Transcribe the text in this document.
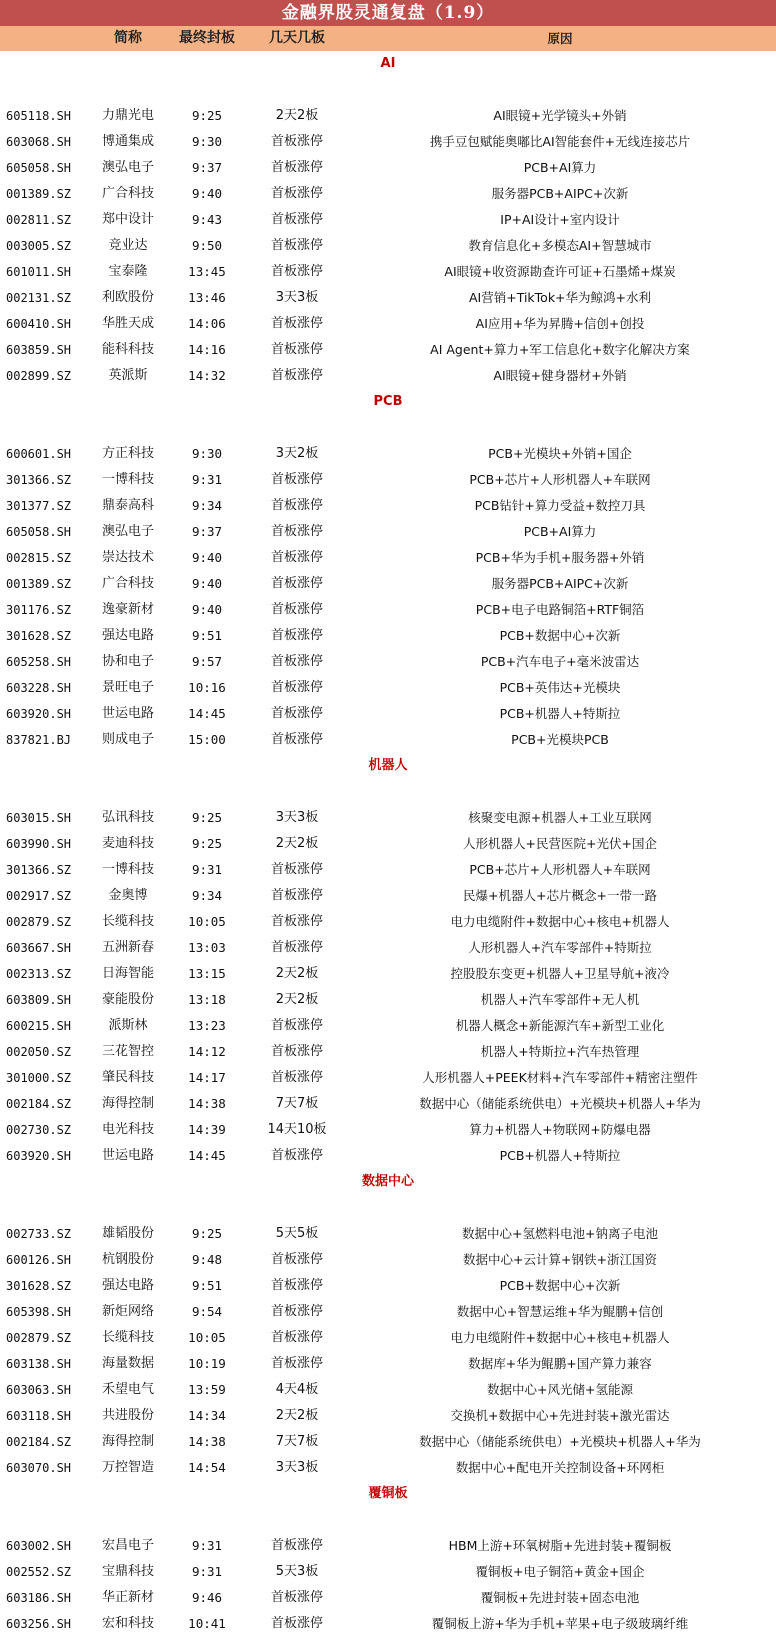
金融界股灵通复盘（1.9）
简称	最终封板	几天几板	原因
AI
605118.SH	力鼎光电	9:25	2天2板	AI眼镜+光学镜头+外销
603068.SH	博通集成	9:30	首板涨停	携手豆包赋能奥嘟比AI智能套件+无线连接芯片
605058.SH	澳弘电子	9:37	首板涨停	PCB+AI算力
001389.SZ	广合科技	9:40	首板涨停	服务器PCB+AIPC+次新
002811.SZ	郑中设计	9:43	首板涨停	IP+AI设计+室内设计
003005.SZ	竞业达	9:50	首板涨停	教育信息化+多模态AI+智慧城市
601011.SH	宝泰隆	13:45	首板涨停	AI眼镜+收资源勘查许可证+石墨烯+煤炭
002131.SZ	利欧股份	13:46	3天3板	AI营销+TikTok+华为鲸鸿+水利
600410.SH	华胜天成	14:06	首板涨停	AI应用+华为昇腾+信创+创投
603859.SH	能科科技	14:16	首板涨停	AI Agent+算力+军工信息化+数字化解决方案
002899.SZ	英派斯	14:32	首板涨停	AI眼镜+健身器材+外销
PCB
600601.SH	方正科技	9:30	3天2板	PCB+光模块+外销+国企
301366.SZ	一博科技	9:31	首板涨停	PCB+芯片+人形机器人+车联网
301377.SZ	鼎泰高科	9:34	首板涨停	PCB钻针+算力受益+数控刀具
605058.SH	澳弘电子	9:37	首板涨停	PCB+AI算力
002815.SZ	崇达技术	9:40	首板涨停	PCB+华为手机+服务器+外销
001389.SZ	广合科技	9:40	首板涨停	服务器PCB+AIPC+次新
301176.SZ	逸豪新材	9:40	首板涨停	PCB+电子电路铜箔+RTF铜箔
301628.SZ	强达电路	9:51	首板涨停	PCB+数据中心+次新
605258.SH	协和电子	9:57	首板涨停	PCB+汽车电子+毫米波雷达
603228.SH	景旺电子	10:16	首板涨停	PCB+英伟达+光模块
603920.SH	世运电路	14:45	首板涨停	PCB+机器人+特斯拉
837821.BJ	则成电子	15:00	首板涨停	PCB+光模块PCB
机器人
603015.SH	弘讯科技	9:25	3天3板	核聚变电源+机器人+工业互联网
603990.SH	麦迪科技	9:25	2天2板	人形机器人+民营医院+光伏+国企
301366.SZ	一博科技	9:31	首板涨停	PCB+芯片+人形机器人+车联网
002917.SZ	金奥博	9:34	首板涨停	民爆+机器人+芯片概念+一带一路
002879.SZ	长缆科技	10:05	首板涨停	电力电缆附件+数据中心+核电+机器人
603667.SH	五洲新春	13:03	首板涨停	人形机器人+汽车零部件+特斯拉
002313.SZ	日海智能	13:15	2天2板	控股股东变更+机器人+卫星导航+液冷
603809.SH	豪能股份	13:18	2天2板	机器人+汽车零部件+无人机
600215.SH	派斯林	13:23	首板涨停	机器人概念+新能源汽车+新型工业化
002050.SZ	三花智控	14:12	首板涨停	机器人+特斯拉+汽车热管理
301000.SZ	肇民科技	14:17	首板涨停	人形机器人+PEEK材料+汽车零部件+精密注塑件
002184.SZ	海得控制	14:38	7天7板	数据中心（储能系统供电）+光模块+机器人+华为
002730.SZ	电光科技	14:39	14天10板	算力+机器人+物联网+防爆电器
603920.SH	世运电路	14:45	首板涨停	PCB+机器人+特斯拉
数据中心
002733.SZ	雄韬股份	9:25	5天5板	数据中心+氢燃料电池+钠离子电池
600126.SH	杭钢股份	9:48	首板涨停	数据中心+云计算+钢铁+浙江国资
301628.SZ	强达电路	9:51	首板涨停	PCB+数据中心+次新
605398.SH	新炬网络	9:54	首板涨停	数据中心+智慧运维+华为鲲鹏+信创
002879.SZ	长缆科技	10:05	首板涨停	电力电缆附件+数据中心+核电+机器人
603138.SH	海量数据	10:19	首板涨停	数据库+华为鲲鹏+国产算力兼容
603063.SH	禾望电气	13:59	4天4板	数据中心+风光储+氢能源
603118.SH	共进股份	14:34	2天2板	交换机+数据中心+先进封装+激光雷达
002184.SZ	海得控制	14:38	7天7板	数据中心（储能系统供电）+光模块+机器人+华为
603070.SH	万控智造	14:54	3天3板	数据中心+配电开关控制设备+环网柜
覆铜板
603002.SH	宏昌电子	9:31	首板涨停	HBM上游+环氧树脂+先进封装+覆铜板
002552.SZ	宝鼎科技	9:31	5天3板	覆铜板+电子铜箔+黄金+国企
603186.SH	华正新材	9:46	首板涨停	覆铜板+先进封装+固态电池
603256.SH	宏和科技	10:41	首板涨停	覆铜板上游+华为手机+苹果+电子级玻璃纤维
